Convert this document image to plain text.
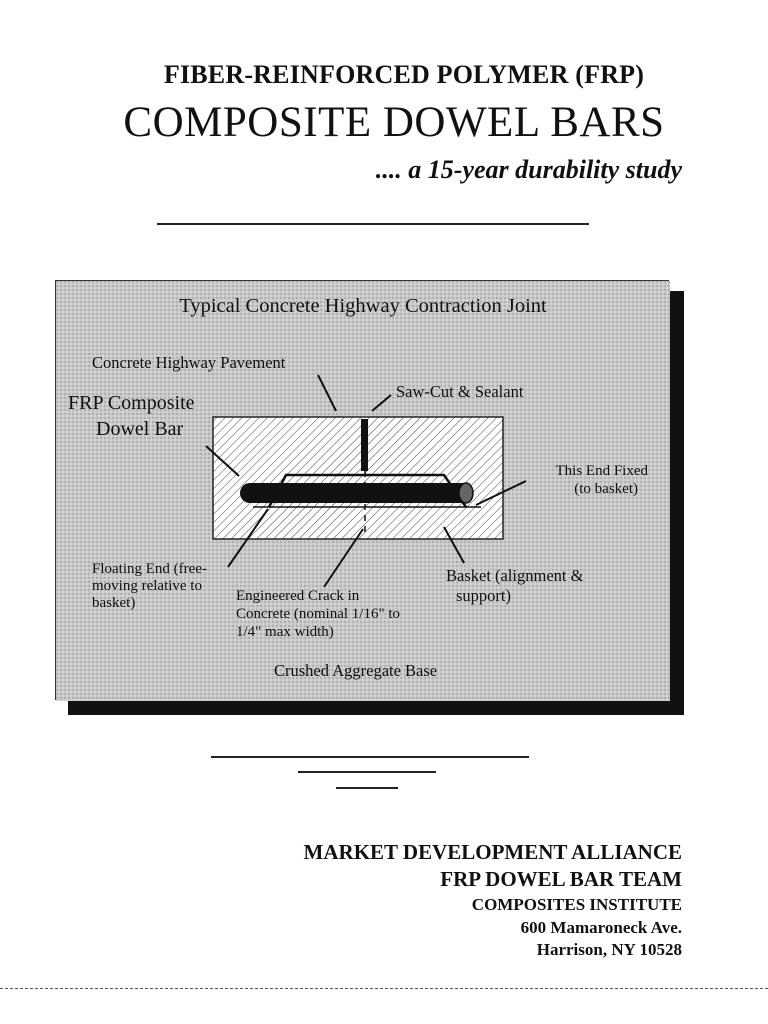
FIBER-REINFORCED POLYMER (FRP)
COMPOSITE DOWEL BARS
.... a 15-year durability study
Typical Concrete Highway Contraction Joint
Concrete Highway Pavement
Saw-Cut & Sealant
FRP Composite
Dowel Bar
This End Fixed
(to basket)
Floating End (free-
moving relative to
basket)	Engineered Crack in
Concrete (nominal 1/16" to
1/4" max width)
Basket (alignment &
support)
Crushed Aggregate Base
MARKET DEVELOPMENT ALLIANCE
FRP DOWEL BAR TEAM
COMPOSITES INSTITUTE
600 Mamaroneck Ave.
Harrison, NY 10528
